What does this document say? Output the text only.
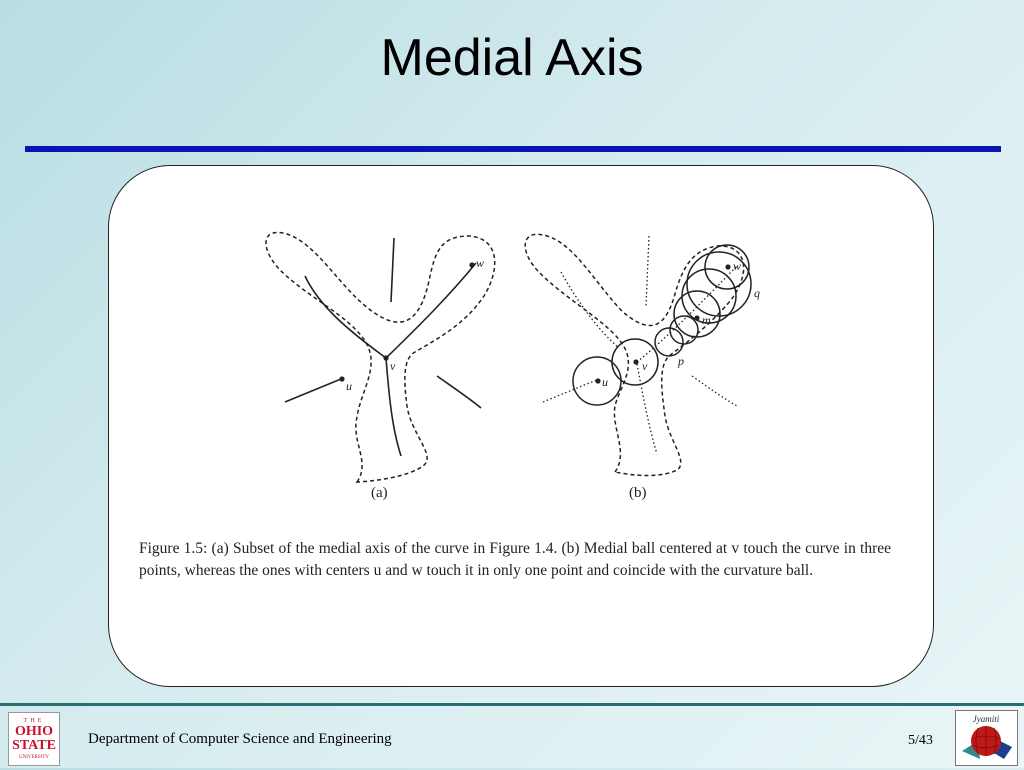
Medial Axis
v
w
u
(a)
v
u
m
w
p
q
(b)
Figure 1.5: (a) Subset of the medial axis of the curve in Figure 1.4. (b) Medial ball centered at v touch the curve in three points, whereas the ones with centers u and w touch it in only one point and coincide with the curvature ball.
THE
OHIO
STATE
UNIVERSITY
Department of Computer Science and Engineering	5/43
Jyamiti
